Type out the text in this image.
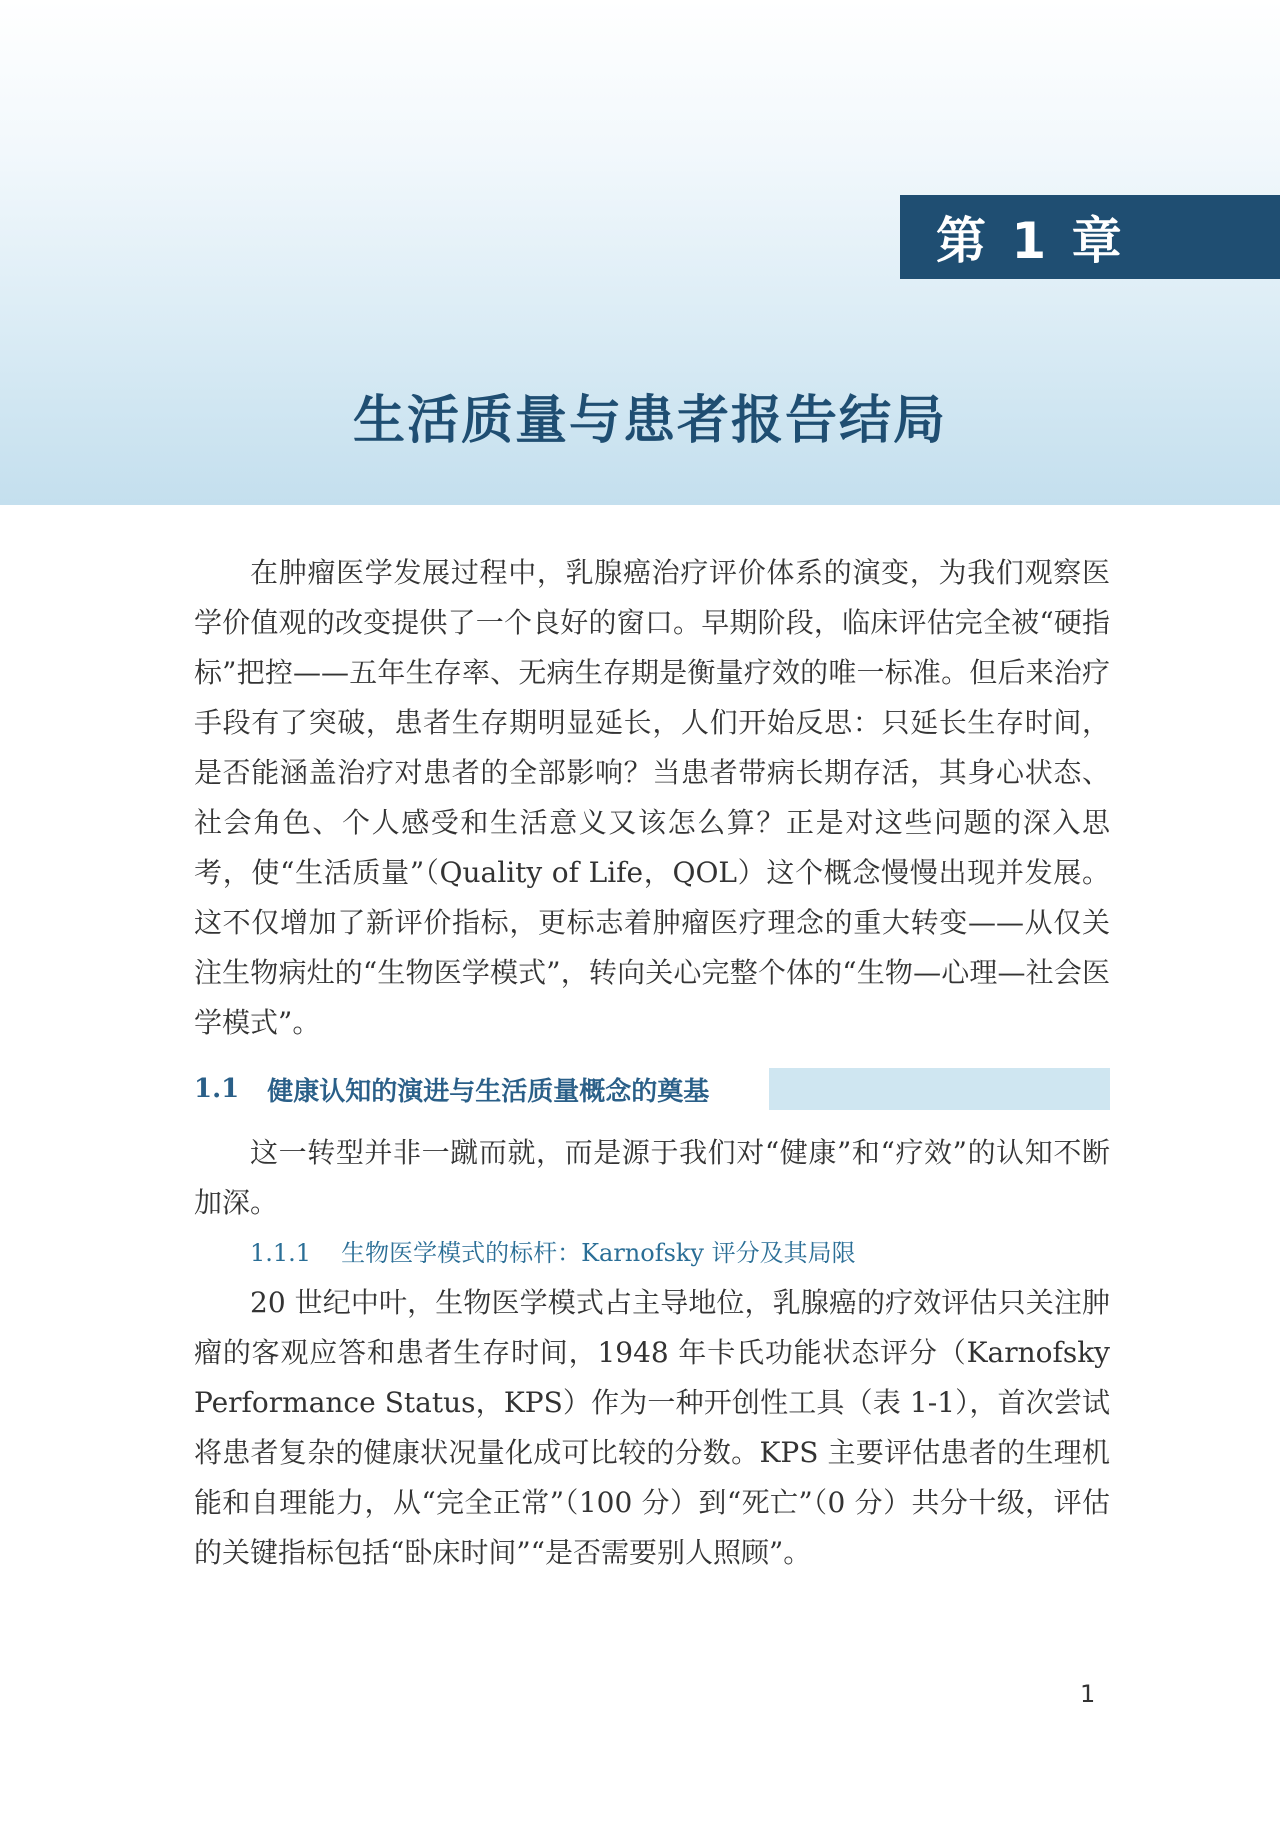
第 1 章
生活质量与患者报告结局

在肿瘤医学发展过程中，乳腺癌治疗评价体系的演变，为我们观察医学价值观的改变提供了一个良好的窗口。早期阶段，临床评估完全被“硬指标”把控——五年生存率、无病生存期是衡量疗效的唯一标准。但后来治疗手段有了突破，患者生存期明显延长，人们开始反思：只延长生存时间，是否能涵盖治疗对患者的全部影响？当患者带病长期存活，其身心状态、社会角色、个人感受和生活意义又该怎么算？正是对这些问题的深入思考，使“生活质量”（Quality of Life，QOL）这个概念慢慢出现并发展。这不仅增加了新评价指标，更标志着肿瘤医疗理念的重大转变——从仅关注生物病灶的“生物医学模式”，转向关心完整个体的“生物—心理—社会医学模式”。

1.1 健康认知的演进与生活质量概念的奠基

这一转型并非一蹴而就，而是源于我们对“健康”和“疗效”的认知不断加深。

1.1.1 生物医学模式的标杆：Karnofsky 评分及其局限

20 世纪中叶，生物医学模式占主导地位，乳腺癌的疗效评估只关注肿瘤的客观应答和患者生存时间，1948 年卡氏功能状态评分（Karnofsky Performance Status，KPS）作为一种开创性工具（表 1-1），首次尝试将患者复杂的健康状况量化成可比较的分数。KPS 主要评估患者的生理机能和自理能力，从“完全正常”（100 分）到“死亡”（0 分）共分十级，评估的关键指标包括“卧床时间”“是否需要别人照顾”。

1
